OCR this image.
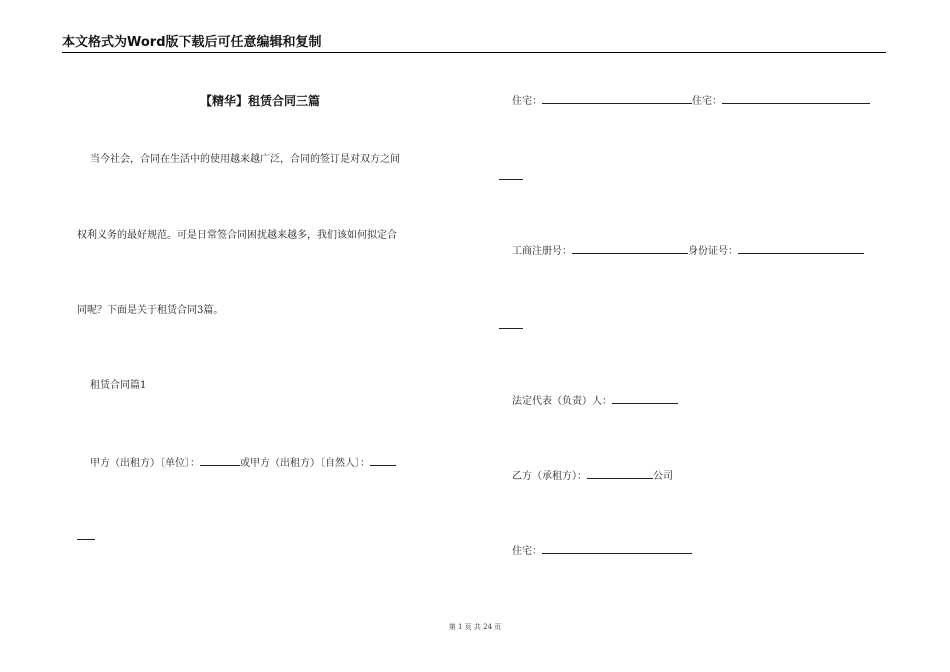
本文格式为Word版下载后可任意编辑和复制
【精华】租赁合同三篇
当今社会，合同在生活中的使用越来越广泛，合同的签订是对双方之间
权利义务的最好规范。可是日常签合同困扰越来越多，我们该如何拟定合
同呢？下面是关于租赁合同3篇。
租赁合同篇1
甲方（出租方）〔单位〕：	或甲方（出租方）〔自然人〕：
住宅：	住宅：
工商注册号：	身份证号：
法定代表（负责）人：
乙方（承租方）：	公司
住宅：
第 1 页 共 24 页
